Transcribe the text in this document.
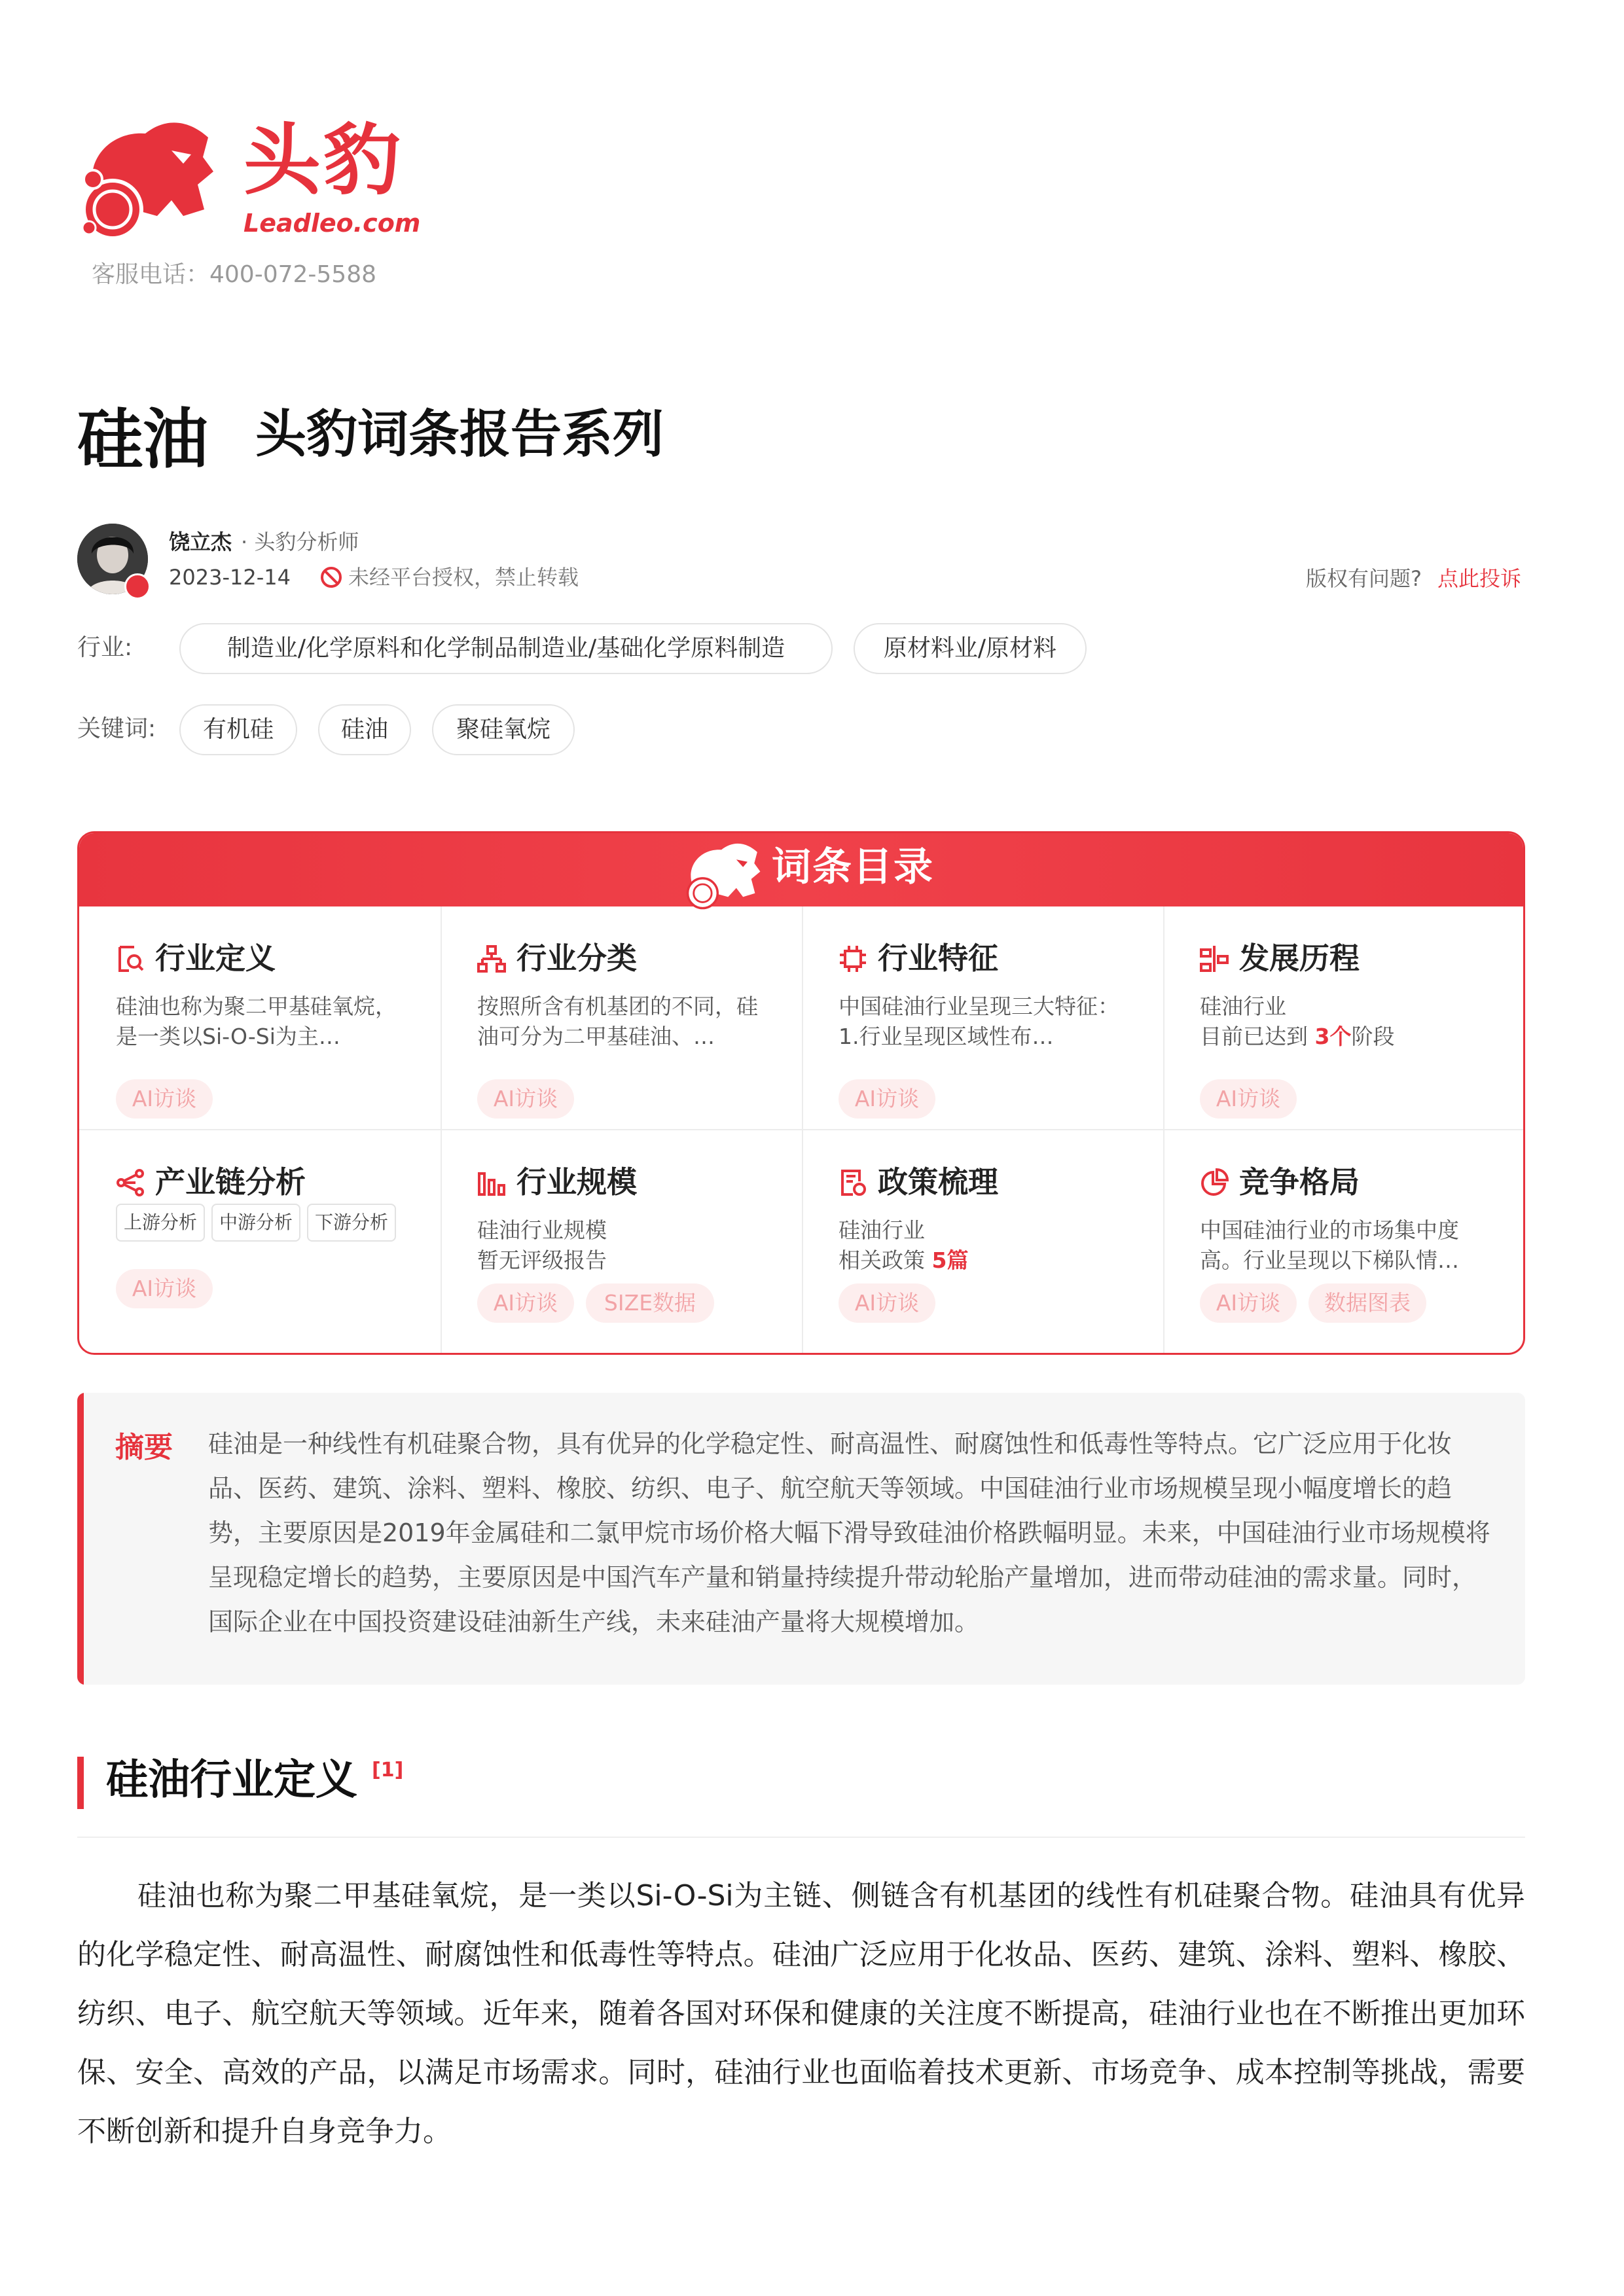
头豹
Leadleo.com
客服电话：400-072-5588
硅油 头豹词条报告系列
饶立杰 · 头豹分析师
2023-12-14	未经平台授权，禁止转载	版权有问题? 点此投诉
行业:	制造业/化学原料和化学制品制造业/基础化学原料制造	原材料业/原材料
关键词:	有机硅	硅油	聚硅氧烷
词条目录
行业定义
硅油也称为聚二甲基硅氧烷，是一类以Si-O-Si为主…
AI访谈
行业分类
按照所含有机基团的不同，硅油可分为二甲基硅油、…
AI访谈
行业特征
中国硅油行业呈现三大特征：1.行业呈现区域性布…
AI访谈
发展历程
硅油行业
目前已达到 3个阶段
AI访谈
产业链分析
上游分析	中游分析	下游分析
AI访谈
行业规模
硅油行业规模
暂无评级报告
AI访谈	SIZE数据
政策梳理
硅油行业
相关政策 5篇
AI访谈
竞争格局
中国硅油行业的市场集中度高。行业呈现以下梯队情…
AI访谈	数据图表
摘要 硅油是一种线性有机硅聚合物，具有优异的化学稳定性、耐高温性、耐腐蚀性和低毒性等特点。它广泛应用于化妆品、医药、建筑、涂料、塑料、橡胶、纺织、电子、航空航天等领域。中国硅油行业市场规模呈现小幅度增长的趋势，主要原因是2019年金属硅和二氯甲烷市场价格大幅下滑导致硅油价格跌幅明显。未来，中国硅油行业市场规模将呈现稳定增长的趋势，主要原因是中国汽车产量和销量持续提升带动轮胎产量增加，进而带动硅油的需求量。同时，国际企业在中国投资建设硅油新生产线，未来硅油产量将大规模增加。
硅油行业定义 [1]
硅油也称为聚二甲基硅氧烷，是一类以Si-O-Si为主链、侧链含有机基团的线性有机硅聚合物。硅油具有优异的化学稳定性、耐高温性、耐腐蚀性和低毒性等特点。硅油广泛应用于化妆品、医药、建筑、涂料、塑料、橡胶、纺织、电子、航空航天等领域。近年来，随着各国对环保和健康的关注度不断提高，硅油行业也在不断推出更加环保、安全、高效的产品，以满足市场需求。同时，硅油行业也面临着技术更新、市场竞争、成本控制等挑战，需要不断创新和提升自身竞争力。
